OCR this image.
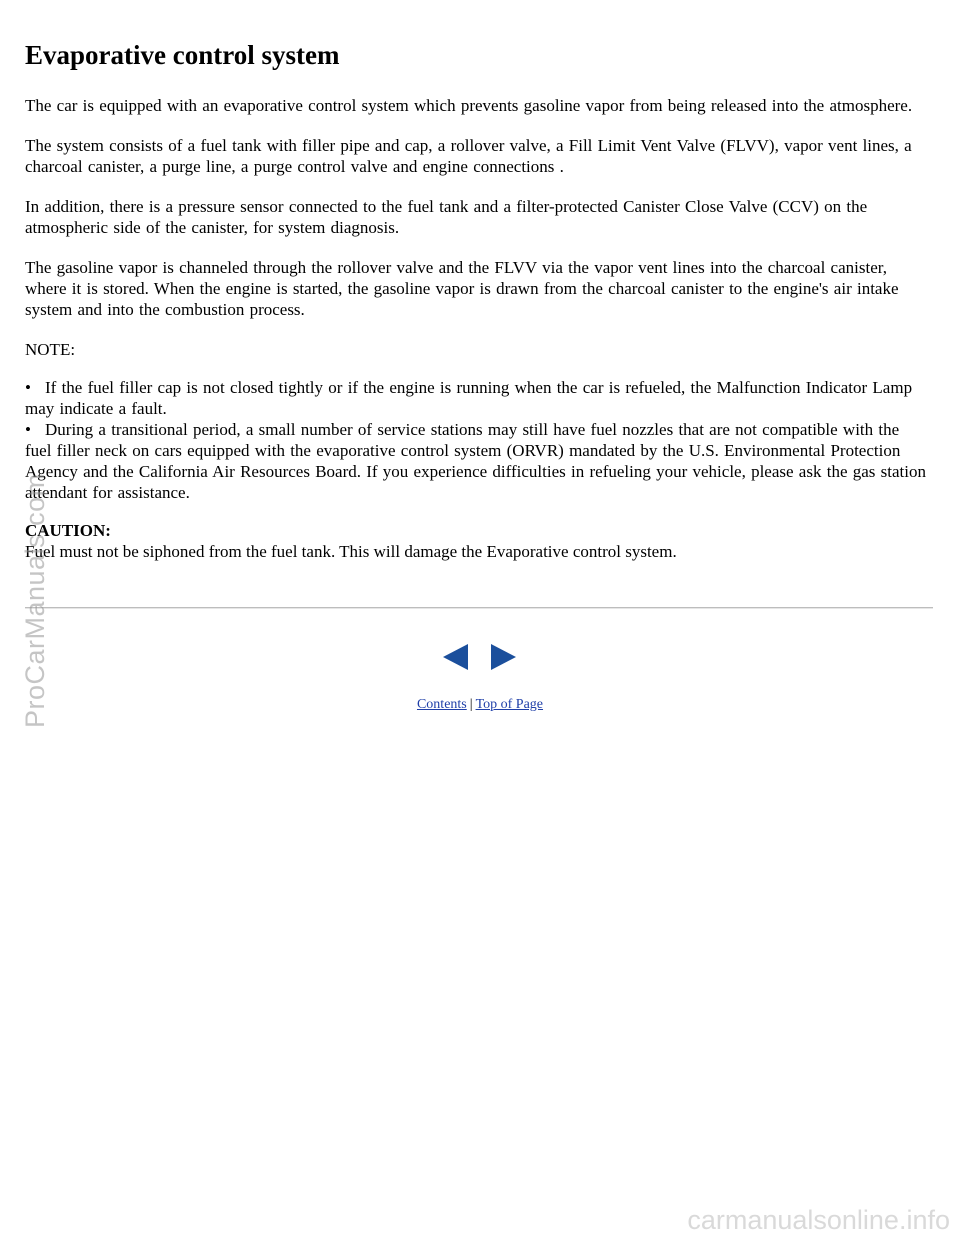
Evaporative control system

The car is equipped with an evaporative control system which prevents gasoline vapor from being released into the atmosphere.

The system consists of a fuel tank with filler pipe and cap, a rollover valve, a Fill Limit Vent Valve (FLVV), vapor vent lines, a charcoal canister, a purge line, a purge control valve and engine connections .

In addition, there is a pressure sensor connected to the fuel tank and a filter-protected Canister Close Valve (CCV) on the atmospheric side of the canister, for system diagnosis.

The gasoline vapor is channeled through the rollover valve and the FLVV via the vapor vent lines into the charcoal canister, where it is stored. When the engine is started, the gasoline vapor is drawn from the charcoal canister to the engine's air intake system and into the combustion process.

NOTE:

• If the fuel filler cap is not closed tightly or if the engine is running when the car is refueled, the Malfunction Indicator Lamp may indicate a fault.
• During a transitional period, a small number of service stations may still have fuel nozzles that are not compatible with the fuel filler neck on cars equipped with the evaporative control system (ORVR) mandated by the U.S. Environmental Protection Agency and the California Air Resources Board. If you experience difficulties in refueling your vehicle, please ask the gas station attendant for assistance.
CAUTION:
Fuel must not be siphoned from the fuel tank. This will damage the Evaporative control system.
Contents | Top of Page
ProCarManuals.com
carmanualsonline.info
